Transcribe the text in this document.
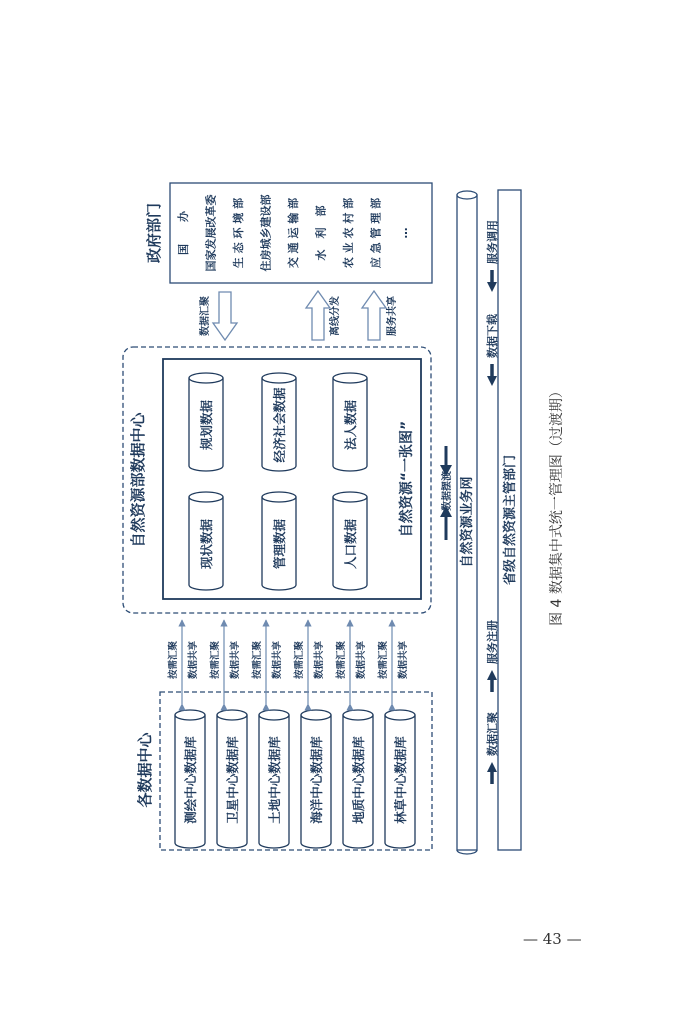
各数据中心 测绘中心数据库
按需汇聚 数据共享
卫星中心数据库
按需汇聚 数据共享
土地中心数据库
按需汇聚 数据共享
海洋中心数据库
按需汇聚 数据共享
地质中心数据库
按需汇聚 数据共享
林草中心数据库
按需汇聚 数据共享
自然资源部数据中心	自然资源“一张图”
现状数据
规划数据
管理数据
经济社会数据
人口数据
法人数据
数据摆渡
政府部门 国　　办 国家发展改革委 生 态 环 境 部 住房城乡建设部 交 通 运 输 部 水　利　部 农 业 农 村 部 应 急 管 理 部 …
数据汇聚	离线分发	服务共享
自然资源业务网 省级自然资源主管部门
数据汇聚
服务注册
数据下载
服务调用
图 4 数据集中式统一管理图（过渡期）
— 43 —
